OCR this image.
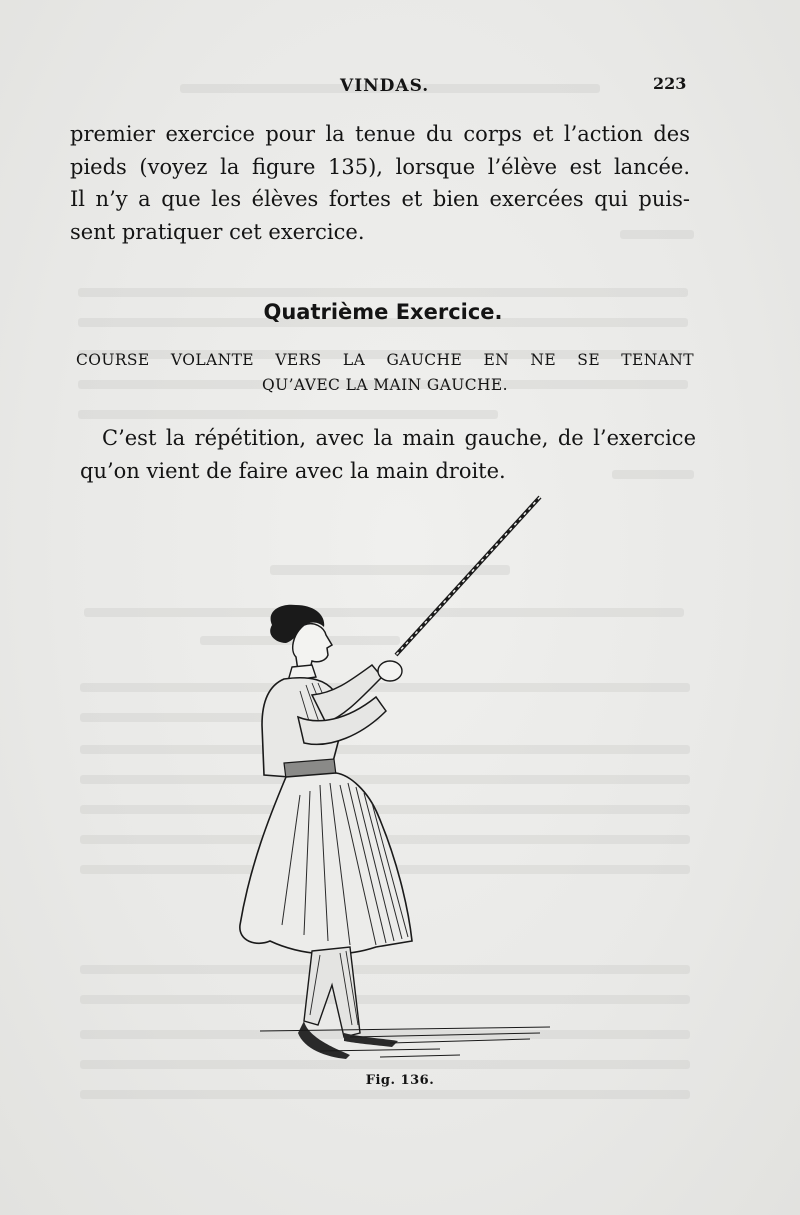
VINDAS.	223
premier exercice pour la tenue du corps et l’action des
pieds (voyez la figure 135), lorsque l’élève est lancée.
Il n’y a que les élèves fortes et bien exercées qui puis-
sent pratiquer cet exercice.
Quatrième Exercice.
COURSE VOLANTE VERS LA GAUCHE EN NE SE TENANT
QU’AVEC LA MAIN GAUCHE.
C’est la répétition, avec la main gauche, de l’exercice
qu’on vient de faire avec la main droite.
Fig. 136.
